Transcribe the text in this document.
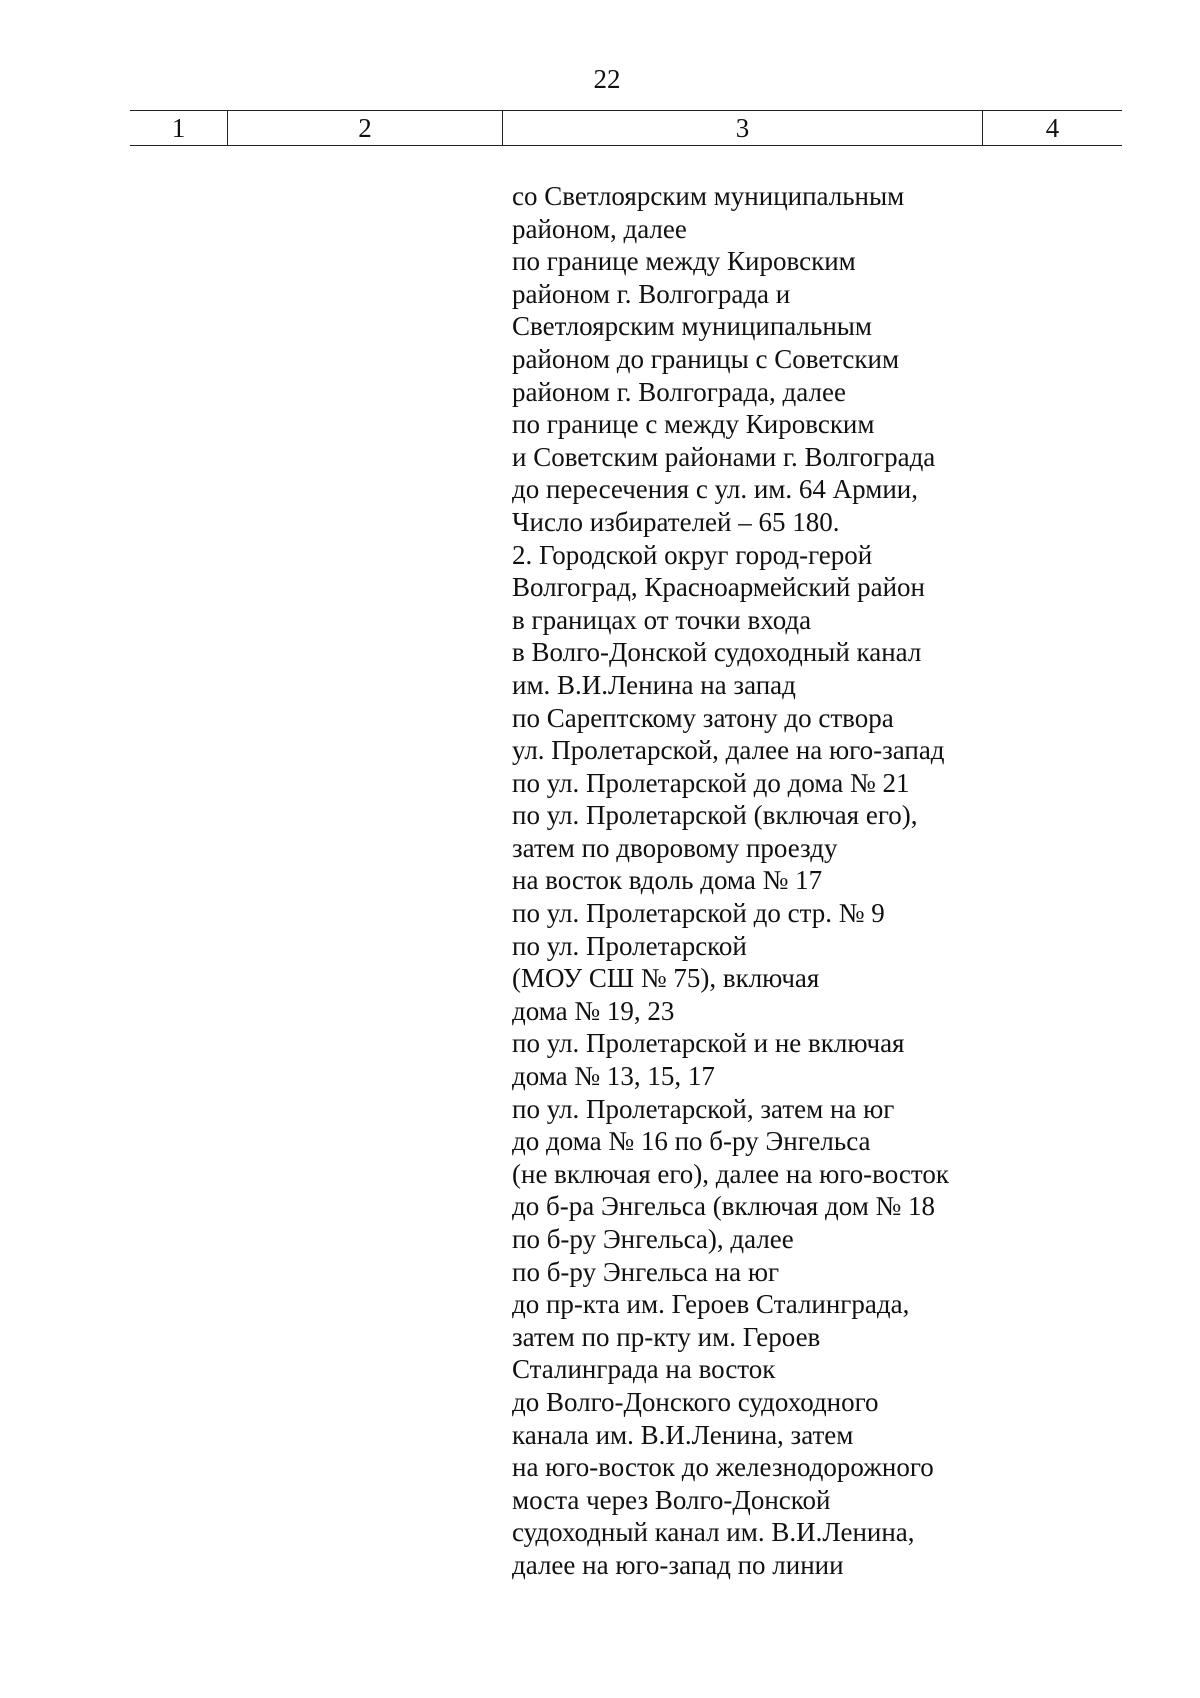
22
1	2	3	4
со Светлоярским муниципальным
районом, далее
по границе между Кировским
районом г. Волгограда и
Светлоярским муниципальным
районом до границы с Советским
районом г. Волгограда, далее
по границе с между Кировским
и Советским районами г. Волгограда
до пересечения с ул. им. 64 Армии,
Число избирателей – 65 180.
2. Городской округ город-герой
Волгоград, Красноармейский район
в границах от точки входа
в Волго-Донской судоходный канал
им. В.И.Ленина на запад
по Сарептскому затону до створа
ул. Пролетарской, далее на юго-запад
по ул. Пролетарской до дома № 21
по ул. Пролетарской (включая его),
затем по дворовому проезду
на восток вдоль дома № 17
по ул. Пролетарской до стр. № 9
по ул. Пролетарской
(МОУ СШ № 75), включая
дома № 19, 23
по ул. Пролетарской и не включая
дома № 13, 15, 17
по ул. Пролетарской, затем на юг
до дома № 16 по б-ру Энгельса
(не включая его), далее на юго-восток
до б-ра Энгельса (включая дом № 18
по б-ру Энгельса), далее
по б-ру Энгельса на юг
до пр-кта им. Героев Сталинграда,
затем по пр-кту им. Героев
Сталинграда на восток
до Волго-Донского судоходного
канала им. В.И.Ленина, затем
на юго-восток до железнодорожного
моста через Волго-Донской
судоходный канал им. В.И.Ленина,
далее на юго-запад по линии
